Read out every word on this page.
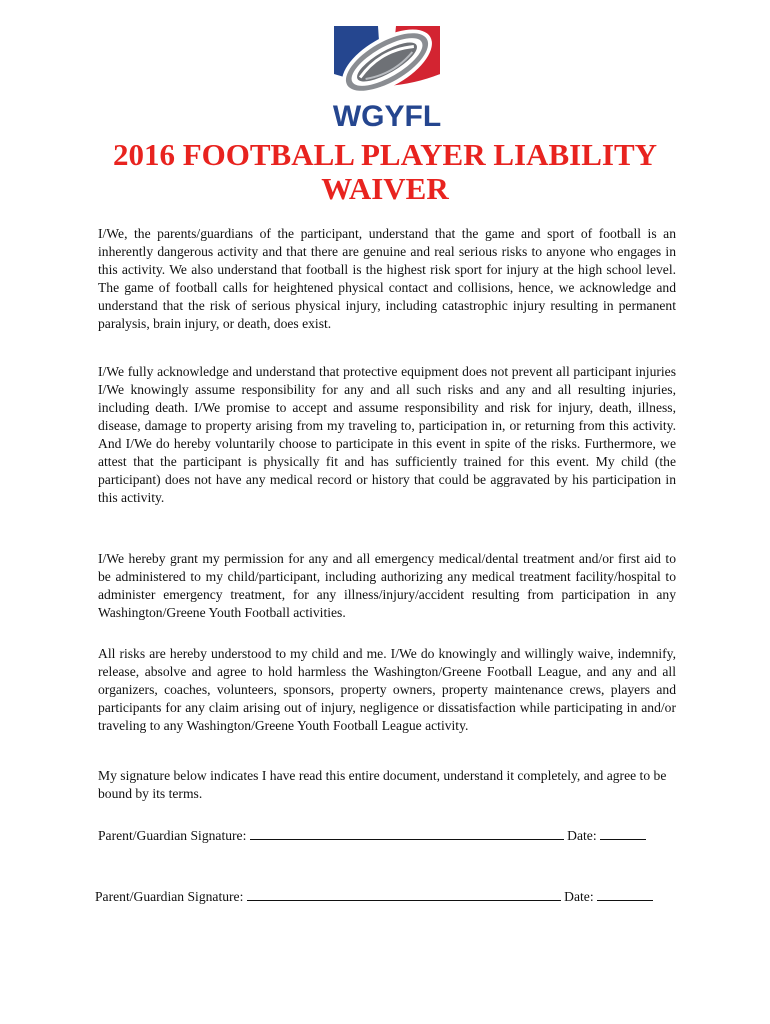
WGYFL
2016 FOOTBALL PLAYER LIABILITY
WAIVER

I/We, the parents/guardians of the participant, understand that the game and sport of football is an inherently dangerous activity and that there are genuine and real serious risks to anyone who engages in this activity. We also understand that football is the highest risk sport for injury at the high school level. The game of football calls for heightened physical contact and collisions, hence, we acknowledge and understand that the risk of serious physical injury, including catastrophic injury resulting in permanent paralysis, brain injury, or death, does exist.

I/We fully acknowledge and understand that protective equipment does not prevent all participant injuries I/We knowingly assume responsibility for any and all such risks and any and all resulting injuries, including death. I/We promise to accept and assume responsibility and risk for injury, death, illness, disease, damage to property arising from my traveling to, participation in, or returning from this activity. And I/We do hereby voluntarily choose to participate in this event in spite of the risks. Furthermore, we attest that the participant is physically fit and has sufficiently trained for this event. My child (the participant) does not have any medical record or history that could be aggravated by his participation in this activity.

I/We hereby grant my permission for any and all emergency medical/dental treatment and/or first aid to be administered to my child/participant, including authorizing any medical treatment facility/hospital to administer emergency treatment, for any illness/injury/accident resulting from participation in any Washington/Greene Youth Football activities.

All risks are hereby understood to my child and me. I/We do knowingly and willingly waive, indemnify, release, absolve and agree to hold harmless the Washington/Greene Football League, and any and all organizers, coaches, volunteers, sponsors, property owners, property maintenance crews, players and participants for any claim arising out of injury, negligence or dissatisfaction while participating in and/or traveling to any Washington/Greene Youth Football League activity.

My signature below indicates I have read this entire document, understand it completely, and agree to be bound by its terms.

Parent/Guardian Signature:	Date:
Parent/Guardian Signature:	Date:
